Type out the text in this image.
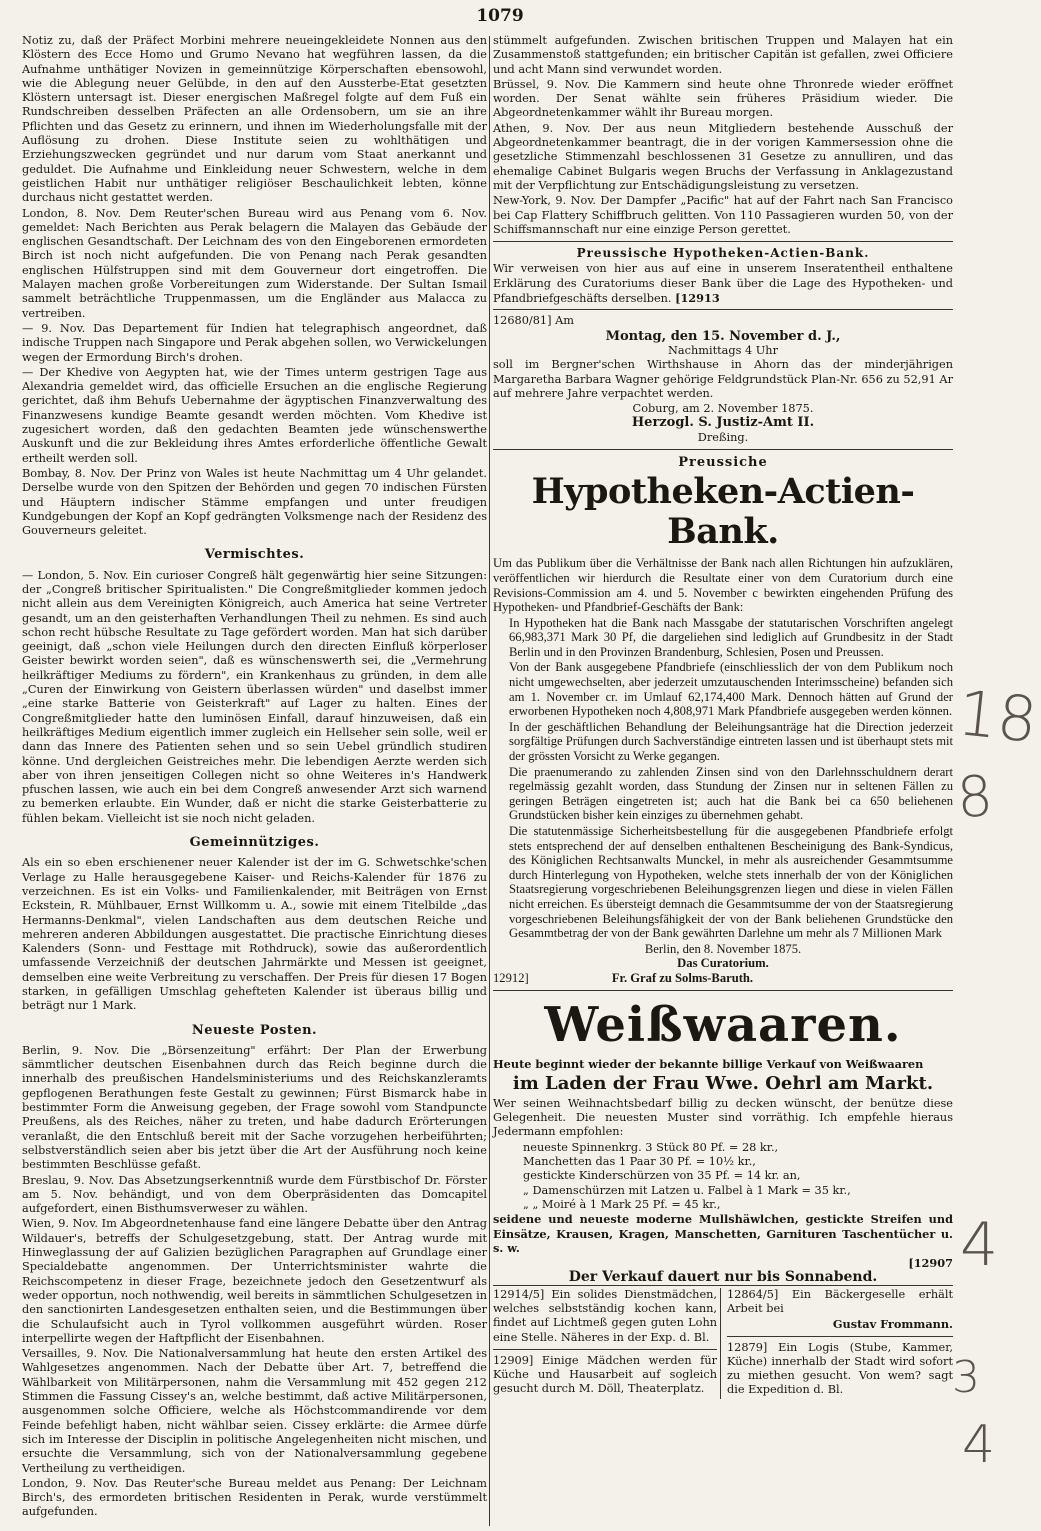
1079

Notiz zu, daß der Präfect Morbini mehrere neueingekleidete Nonnen aus den Klöstern des Ecce Homo und Grumo Nevano hat wegführen lassen, da die Aufnahme unthätiger Novizen in gemeinnützige Körperschaften ebensowohl, wie die Ablegung neuer Gelübde, in den auf den Aussterbe-Etat gesetzten Klöstern untersagt ist. Dieser energischen Maßregel folgte auf dem Fuß ein Rundschreiben desselben Präfecten an alle Ordensobern, um sie an ihre Pflichten und das Gesetz zu erinnern, und ihnen im Wiederholungsfalle mit der Auflösung zu drohen. Diese Institute seien zu wohlthätigen und Erziehungszwecken gegründet und nur darum vom Staat anerkannt und geduldet. Die Aufnahme und Einkleidung neuer Schwestern, welche in dem geistlichen Habit nur unthätiger religiöser Beschaulichkeit lebten, könne durchaus nicht gestattet werden.

London, 8. Nov. Dem Reuter'schen Bureau wird aus Penang vom 6. Nov. gemeldet: Nach Berichten aus Perak belagern die Malayen das Gebäude der englischen Gesandtschaft. Der Leichnam des von den Eingeborenen ermordeten Birch ist noch nicht aufgefunden. Die von Penang nach Perak gesandten englischen Hülfstruppen sind mit dem Gouverneur dort eingetroffen. Die Malayen machen große Vorbereitungen zum Widerstande. Der Sultan Ismail sammelt beträchtliche Truppenmassen, um die Engländer aus Malacca zu vertreiben.

— 9. Nov. Das Departement für Indien hat telegraphisch angeordnet, daß indische Truppen nach Singapore und Perak abgehen sollen, wo Verwickelungen wegen der Ermordung Birch's drohen.

— Der Khedive von Aegypten hat, wie der Times unterm gestrigen Tage aus Alexandria gemeldet wird, das officielle Ersuchen an die englische Regierung gerichtet, daß ihm Behufs Uebernahme der ägyptischen Finanzverwaltung des Finanzwesens kundige Beamte gesandt werden möchten. Vom Khedive ist zugesichert worden, daß den gedachten Beamten jede wünschenswerthe Auskunft und die zur Bekleidung ihres Amtes erforderliche öffentliche Gewalt ertheilt werden soll.

Bombay, 8. Nov. Der Prinz von Wales ist heute Nachmittag um 4 Uhr gelandet. Derselbe wurde von den Spitzen der Behörden und gegen 70 indischen Fürsten und Häuptern indischer Stämme empfangen und unter freudigen Kundgebungen der Kopf an Kopf gedrängten Volksmenge nach der Residenz des Gouverneurs geleitet.

Vermischtes.

— London, 5. Nov. Ein curioser Congreß hält gegenwärtig hier seine Sitzungen: der „Congreß britischer Spiritualisten." Die Congreßmitglieder kommen jedoch nicht allein aus dem Vereinigten Königreich, auch America hat seine Vertreter gesandt, um an den geisterhaften Verhandlungen Theil zu nehmen. Es sind auch schon recht hübsche Resultate zu Tage gefördert worden. Man hat sich darüber geeinigt, daß „schon viele Heilungen durch den directen Einfluß körperloser Geister bewirkt worden seien", daß es wünschenswerth sei, die „Vermehrung heilkräftiger Mediums zu fördern", ein Krankenhaus zu gründen, in dem alle „Curen der Einwirkung von Geistern überlassen würden" und daselbst immer „eine starke Batterie von Geisterkraft" auf Lager zu halten. Eines der Congreßmitglieder hatte den luminösen Einfall, darauf hinzuweisen, daß ein heilkräftiges Medium eigentlich immer zugleich ein Hellseher sein solle, weil er dann das Innere des Patienten sehen und so sein Uebel gründlich studiren könne. Und dergleichen Geistreiches mehr. Die lebendigen Aerzte werden sich aber von ihren jenseitigen Collegen nicht so ohne Weiteres in's Handwerk pfuschen lassen, wie auch ein bei dem Congreß anwesender Arzt sich warnend zu bemerken erlaubte. Ein Wunder, daß er nicht die starke Geisterbatterie zu fühlen bekam. Vielleicht ist sie noch nicht geladen.

Gemeinnütziges.

Als ein so eben erschienener neuer Kalender ist der im G. Schwetschke'schen Verlage zu Halle herausgegebene Kaiser- und Reichs-Kalender für 1876 zu verzeichnen. Es ist ein Volks- und Familienkalender, mit Beiträgen von Ernst Eckstein, R. Mühlbauer, Ernst Willkomm u. A., sowie mit einem Titelbilde „das Hermanns-Denkmal", vielen Landschaften aus dem deutschen Reiche und mehreren anderen Abbildungen ausgestattet. Die practische Einrichtung dieses Kalenders (Sonn- und Festtage mit Rothdruck), sowie das außerordentlich umfassende Verzeichniß der deutschen Jahrmärkte und Messen ist geeignet, demselben eine weite Verbreitung zu verschaffen. Der Preis für diesen 17 Bogen starken, in gefälligen Umschlag gehefteten Kalender ist überaus billig und beträgt nur 1 Mark.

Neueste Posten.

Berlin, 9. Nov. Die „Börsenzeitung" erfährt: Der Plan der Erwerbung sämmtlicher deutschen Eisenbahnen durch das Reich beginne durch die innerhalb des preußischen Handelsministeriums und des Reichskanzleramts gepflogenen Berathungen feste Gestalt zu gewinnen; Fürst Bismarck habe in bestimmter Form die Anweisung gegeben, der Frage sowohl vom Standpuncte Preußens, als des Reiches, näher zu treten, und habe dadurch Erörterungen veranlaßt, die den Entschluß bereit mit der Sache vorzugehen herbeiführten; selbstverständlich seien aber bis jetzt über die Art der Ausführung noch keine bestimmten Beschlüsse gefaßt.

Breslau, 9. Nov. Das Absetzungserkenntniß wurde dem Fürstbischof Dr. Förster am 5. Nov. behändigt, und von dem Oberpräsidenten das Domcapitel aufgefordert, einen Bisthumsverweser zu wählen.

Wien, 9. Nov. Im Abgeordnetenhause fand eine längere Debatte über den Antrag Wildauer's, betreffs der Schulgesetzgebung, statt. Der Antrag wurde mit Hinweglassung der auf Galizien bezüglichen Paragraphen auf Grundlage einer Specialdebatte angenommen. Der Unterrichtsminister wahrte die Reichscompetenz in dieser Frage, bezeichnete jedoch den Gesetzentwurf als weder opportun, noch nothwendig, weil bereits in sämmtlichen Schulgesetzen in den sanctionirten Landesgesetzen enthalten seien, und die Bestimmungen über die Schulaufsicht auch in Tyrol vollkommen ausgeführt würden. Roser interpellirte wegen der Haftpflicht der Eisenbahnen.

Versailles, 9. Nov. Die Nationalversammlung hat heute den ersten Artikel des Wahlgesetzes angenommen. Nach der Debatte über Art. 7, betreffend die Wählbarkeit von Militärpersonen, nahm die Versammlung mit 452 gegen 212 Stimmen die Fassung Cissey's an, welche bestimmt, daß active Militärpersonen, ausgenommen solche Officiere, welche als Höchstcommandirende vor dem Feinde befehligt haben, nicht wählbar seien. Cissey erklärte: die Armee dürfe sich im Interesse der Disciplin in politische Angelegenheiten nicht mischen, und ersuchte die Versammlung, sich von der Nationalversammlung gegebene Vertheilung zu vertheidigen.

London, 9. Nov. Das Reuter'sche Bureau meldet aus Penang: Der Leichnam Birch's, des ermordeten britischen Residenten in Perak, wurde verstümmelt aufgefunden.

stümmelt aufgefunden. Zwischen britischen Truppen und Malayen hat ein Zusammenstoß stattgefunden; ein britischer Capitän ist gefallen, zwei Officiere und acht Mann sind verwundet worden.

Brüssel, 9. Nov. Die Kammern sind heute ohne Thronrede wieder eröffnet worden. Der Senat wählte sein früheres Präsidium wieder. Die Abgeordnetenkammer wählt ihr Bureau morgen.

Athen, 9. Nov. Der aus neun Mitgliedern bestehende Ausschuß der Abgeordnetenkammer beantragt, die in der vorigen Kammersession ohne die gesetzliche Stimmenzahl beschlossenen 31 Gesetze zu annulliren, und das ehemalige Cabinet Bulgaris wegen Bruchs der Verfassung in Anklagezustand mit der Verpflichtung zur Entschädigungsleistung zu versetzen.

New-York, 9. Nov. Der Dampfer „Pacific" hat auf der Fahrt nach San Francisco bei Cap Flattery Schiffbruch gelitten. Von 110 Passagieren wurden 50, von der Schiffsmannschaft nur eine einzige Person gerettet.

Preussische Hypotheken-Actien-Bank.

Wir verweisen von hier aus auf eine in unserem Inseratentheil enthaltene Erklärung des Curatoriums dieser Bank über die Lage des Hypotheken- und Pfandbriefgeschäfts derselben. [12913

12680/81] Am

Montag, den 15. November d. J.,
Nachmittags 4 Uhr

soll im Bergner'schen Wirthshause in Ahorn das der minderjährigen Margaretha Barbara Wagner gehörige Feldgrundstück Plan-Nr. 656 zu 52,91 Ar auf mehrere Jahre verpachtet werden.

Coburg, am 2. November 1875.
Herzogl. S. Justiz-Amt II.
Dreßing.
Preussiche
Hypotheken-Actien-Bank.

Um das Publikum über die Verhältnisse der Bank nach allen Richtungen hin aufzuklären, veröffentlichen wir hierdurch die Resultate einer von dem Curatorium durch eine Revisions-Commission am 4. und 5. November c bewirkten eingehenden Prüfung des Hypotheken- und Pfandbrief-Geschäfts der Bank:

In Hypotheken hat die Bank nach Massgabe der statutarischen Vorschriften angelegt 66,983,371 Mark 30 Pf, die dargeliehen sind lediglich auf Grundbesitz in der Stadt Berlin und in den Provinzen Brandenburg, Schlesien, Posen und Preussen.

Von der Bank ausgegebene Pfandbriefe (einschliesslich der von dem Publikum noch nicht umgewechselten, aber jederzeit umzutauschenden Interimsscheine) befanden sich am 1. November cr. im Umlauf 62,174,400 Mark. Dennoch hätten auf Grund der erworbenen Hypotheken noch 4,808,971 Mark Pfandbriefe ausgegeben werden können.

In der geschäftlichen Behandlung der Beleihungsanträge hat die Direction jederzeit sorgfältige Prüfungen durch Sachverständige eintreten lassen und ist überhaupt stets mit der grössten Vorsicht zu Werke gegangen.

Die praenumerando zu zahlenden Zinsen sind von den Darlehnsschuldnern derart regelmässig gezahlt worden, dass Stundung der Zinsen nur in seltenen Fällen zu geringen Beträgen eingetreten ist; auch hat die Bank bei ca 650 beliehenen Grundstücken bisher kein einziges zu übernehmen gehabt.

Die statutenmässige Sicherheitsbestellung für die ausgegebenen Pfandbriefe erfolgt stets entsprechend der auf denselben enthaltenen Bescheinigung des Bank-Syndicus, des Königlichen Rechtsanwalts Munckel, in mehr als ausreichender Gesammtsumme durch Hinterlegung von Hypotheken, welche stets innerhalb der von der Königlichen Staatsregierung vorgeschriebenen Beleihungsgrenzen liegen und diese in vielen Fällen nicht erreichen. Es übersteigt demnach die Gesammtsumme der von der Staatsregierung vorgeschriebenen Beleihungsfähigkeit der von der Bank beliehenen Grundstücke den Gesammtbetrag der von der Bank gewährten Darlehne um mehr als 7 Millionen Mark

Berlin, den 8. November 1875.
Das Curatorium.

12912]	Fr. Graf zu Solms-Baruth.

Weißwaaren.

Heute beginnt wieder der bekannte billige Verkauf von Weißwaaren

im Laden der Frau Wwe. Oehrl am Markt.

Wer seinen Weihnachtsbedarf billig zu decken wünscht, der benütze diese Gelegenheit. Die neuesten Muster sind vorräthig. Ich empfehle hieraus Jedermann empfohlen:

neueste Spinnenkrg. 3 Stück 80 Pf. = 28 kr.,
Manchetten das 1 Paar 30 Pf. = 10½ kr.,
gestickte Kinderschürzen von 35 Pf. = 14 kr. an,
„ Damenschürzen mit Latzen u. Falbel à 1 Mark = 35 kr.,
„ „ Moiré à 1 Mark 25 Pf. = 45 kr.,

seidene und neueste moderne Mullshäwlchen, gestickte Streifen und Einsätze, Krausen, Kragen, Manschetten, Garnituren Taschentücher u. s. w.

[12907
Der Verkauf dauert nur bis Sonnabend.

12914/5] Ein solides Dienstmädchen, welches selbstständig kochen kann, findet auf Lichtmeß gegen guten Lohn eine Stelle. Näheres in der Exp. d. Bl.

12909] Einige Mädchen werden für Küche und Hausarbeit auf sogleich gesucht durch M. Döll, Theaterplatz.

12864/5] Ein Bäckergeselle erhält Arbeit bei

Gustav Frommann.

12879] Ein Logis (Stube, Kammer, Küche) innerhalb der Stadt wird sofort zu miethen gesucht. Von wem? sagt die Expedition d. Bl.

18
8
4
3
4
